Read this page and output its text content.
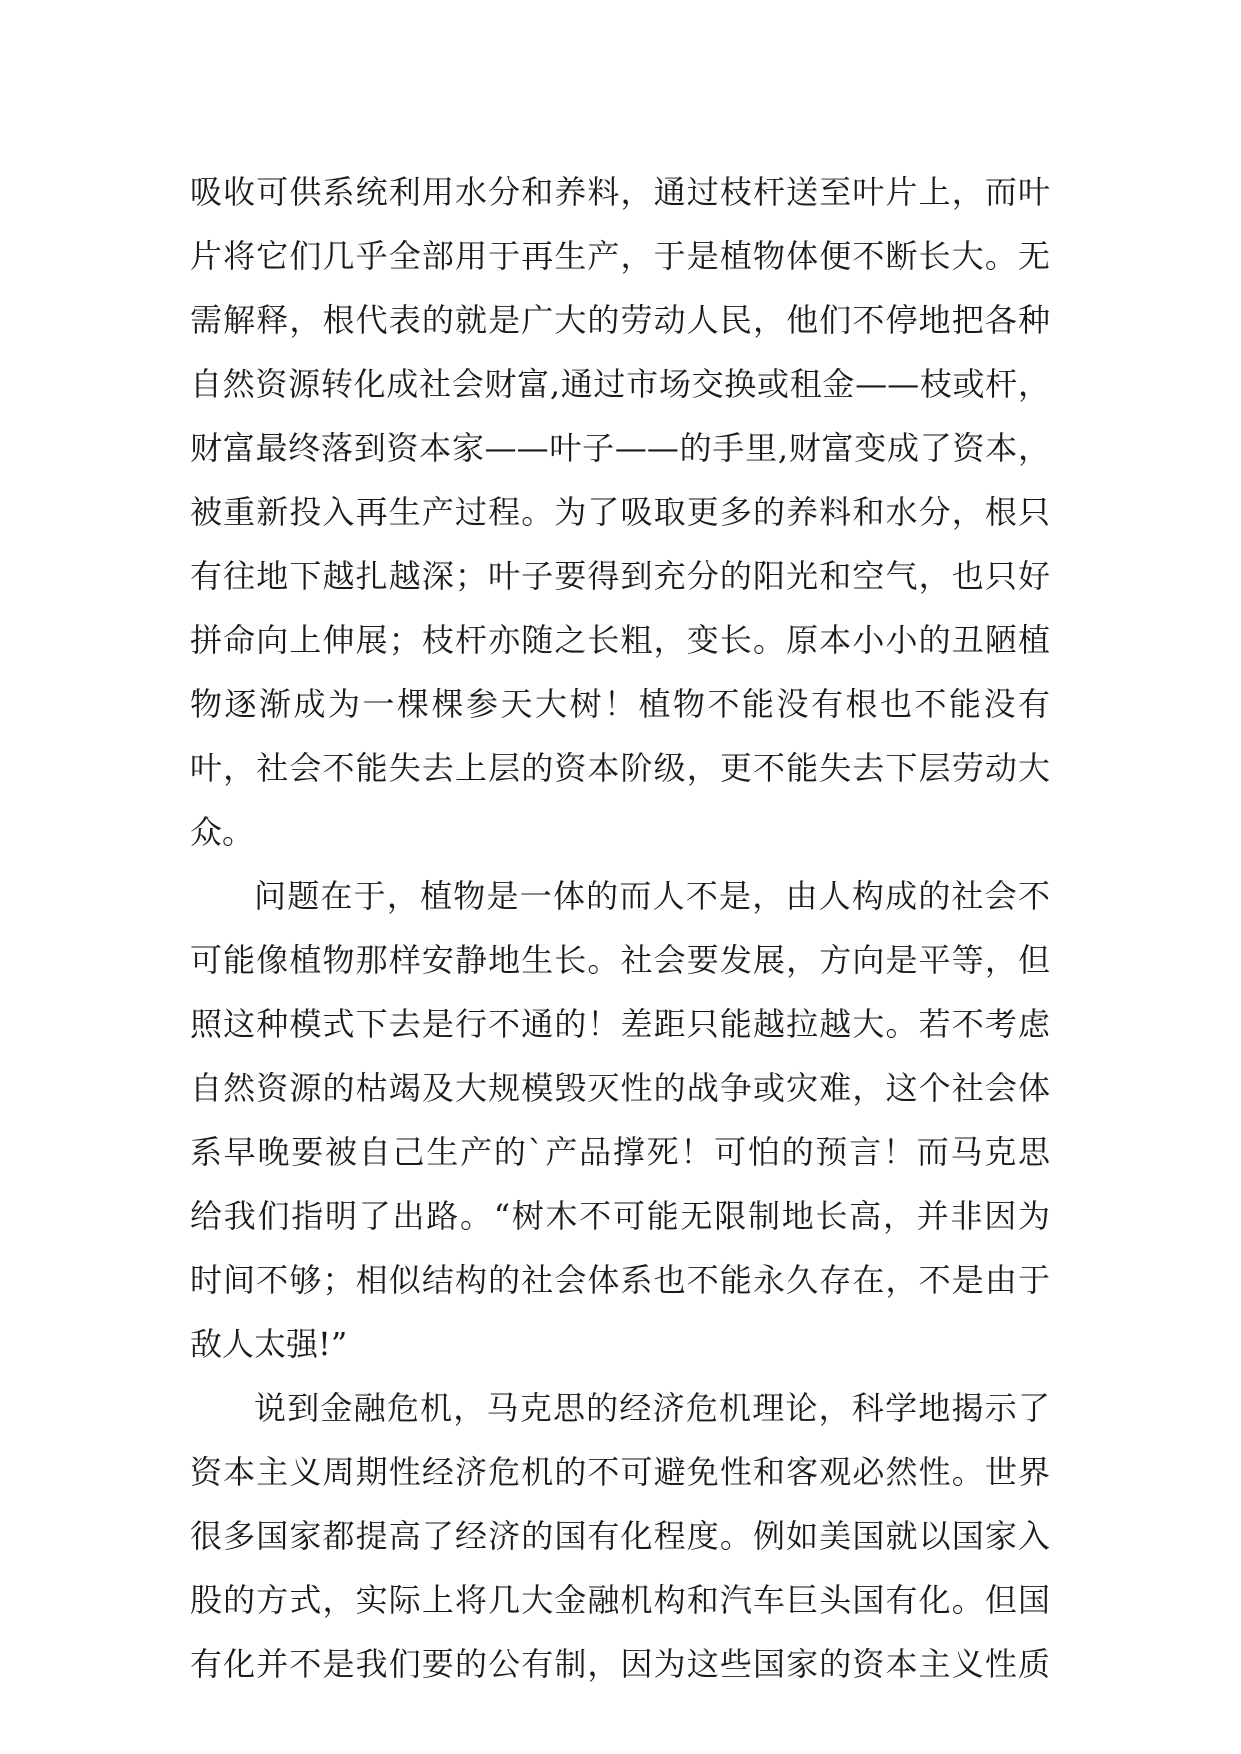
吸收可供系统利用水分和养料，通过枝杆送至叶片上，而叶
片将它们几乎全部用于再生产，于是植物体便不断长大。无
需解释，根代表的就是广大的劳动人民，他们不停地把各种
自然资源转化成社会财富,通过市场交换或租金——枝或杆，
财富最终落到资本家——叶子——的手里,财富变成了资本，
被重新投入再生产过程。为了吸取更多的养料和水分，根只
有往地下越扎越深；叶子要得到充分的阳光和空气，也只好
拼命向上伸展；枝杆亦随之长粗，变长。原本小小的丑陋植
物逐渐成为一棵棵参天大树！植物不能没有根也不能没有
叶，社会不能失去上层的资本阶级，更不能失去下层劳动大
众。
问题在于，植物是一体的而人不是，由人构成的社会不
可能像植物那样安静地生长。社会要发展，方向是平等，但
照这种模式下去是行不通的！差距只能越拉越大。若不考虑
自然资源的枯竭及大规模毁灭性的战争或灾难，这个社会体
系早晚要被自己生产的`产品撑死！可怕的预言！而马克思
给我们指明了出路。“树木不可能无限制地长高，并非因为
时间不够；相似结构的社会体系也不能永久存在，不是由于
敌人太强!”
说到金融危机，马克思的经济危机理论，科学地揭示了
资本主义周期性经济危机的不可避免性和客观必然性。世界
很多国家都提高了经济的国有化程度。例如美国就以国家入
股的方式，实际上将几大金融机构和汽车巨头国有化。但国
有化并不是我们要的公有制，因为这些国家的资本主义性质
